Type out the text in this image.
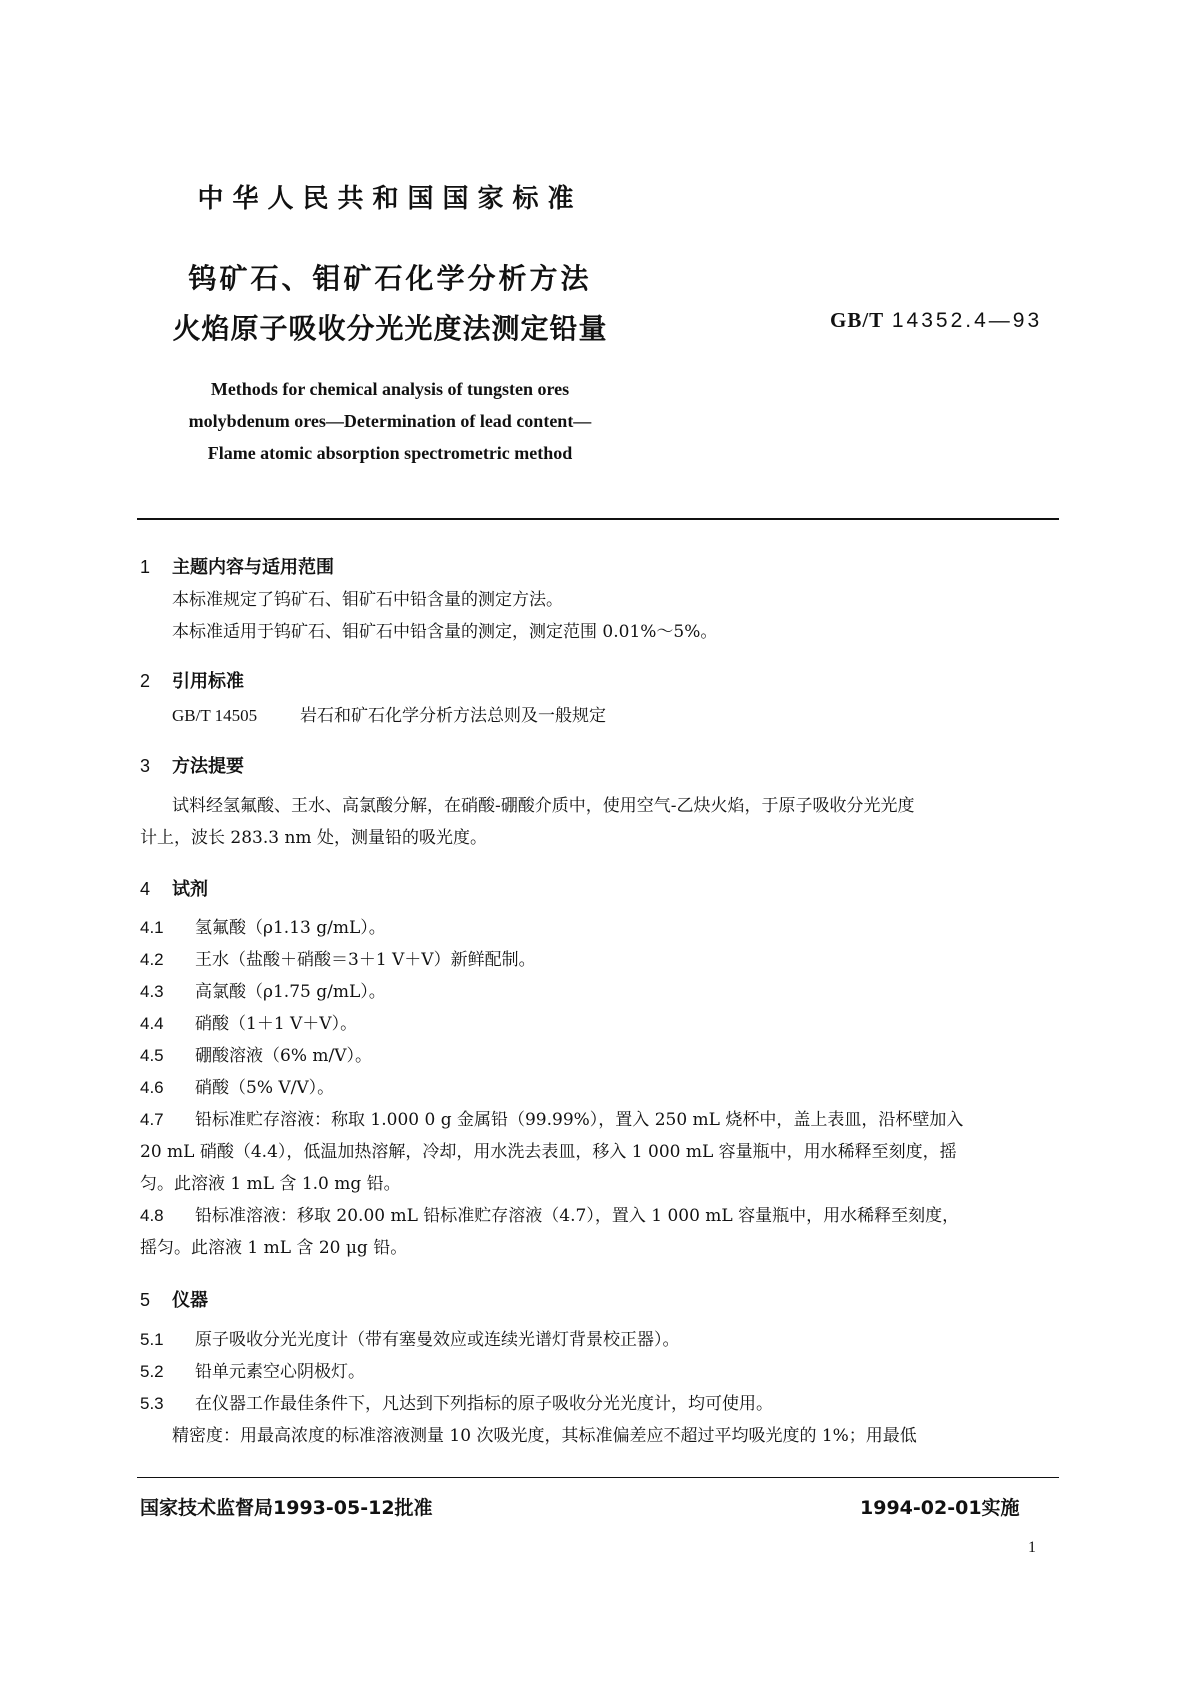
中华人民共和国国家标准
钨矿石、钼矿石化学分析方法
火焰原子吸收分光光度法测定铅量	GB/T 14352.4—93
Methods for chemical analysis of tungsten ores
molybdenum ores—Determination of lead content—
Flame atomic absorption spectrometric method
1 主题内容与适用范围
本标准规定了钨矿石、钼矿石中铅含量的测定方法。
本标准适用于钨矿石、钼矿石中铅含量的测定，测定范围 0.01%～5%。
2 引用标准
GB/T 14505	岩石和矿石化学分析方法总则及一般规定
3 方法提要
试料经氢氟酸、王水、高氯酸分解，在硝酸-硼酸介质中，使用空气-乙炔火焰，于原子吸收分光光度
计上，波长 283.3 nm 处，测量铅的吸光度。
4 试剂
4.1 氢氟酸（ρ1.13 g/mL）。
4.2 王水（盐酸＋硝酸＝3＋1 V＋V）新鲜配制。
4.3 高氯酸（ρ1.75 g/mL）。
4.4 硝酸（1＋1 V＋V）。
4.5 硼酸溶液（6% m/V）。
4.6 硝酸（5% V/V）。
4.7 铅标准贮存溶液：称取 1.000 0 g 金属铅（99.99%），置入 250 mL 烧杯中，盖上表皿，沿杯壁加入
20 mL 硝酸（4.4），低温加热溶解，冷却，用水洗去表皿，移入 1 000 mL 容量瓶中，用水稀释至刻度，摇
匀。此溶液 1 mL 含 1.0 mg 铅。
4.8 铅标准溶液：移取 20.00 mL 铅标准贮存溶液（4.7），置入 1 000 mL 容量瓶中，用水稀释至刻度，
摇匀。此溶液 1 mL 含 20 μg 铅。
5 仪器
5.1 原子吸收分光光度计（带有塞曼效应或连续光谱灯背景校正器）。
5.2 铅单元素空心阴极灯。
5.3 在仪器工作最佳条件下，凡达到下列指标的原子吸收分光光度计，均可使用。
精密度：用最高浓度的标准溶液测量 10 次吸光度，其标准偏差应不超过平均吸光度的 1%；用最低
国家技术监督局1993-05-12批准	1994-02-01实施
1
